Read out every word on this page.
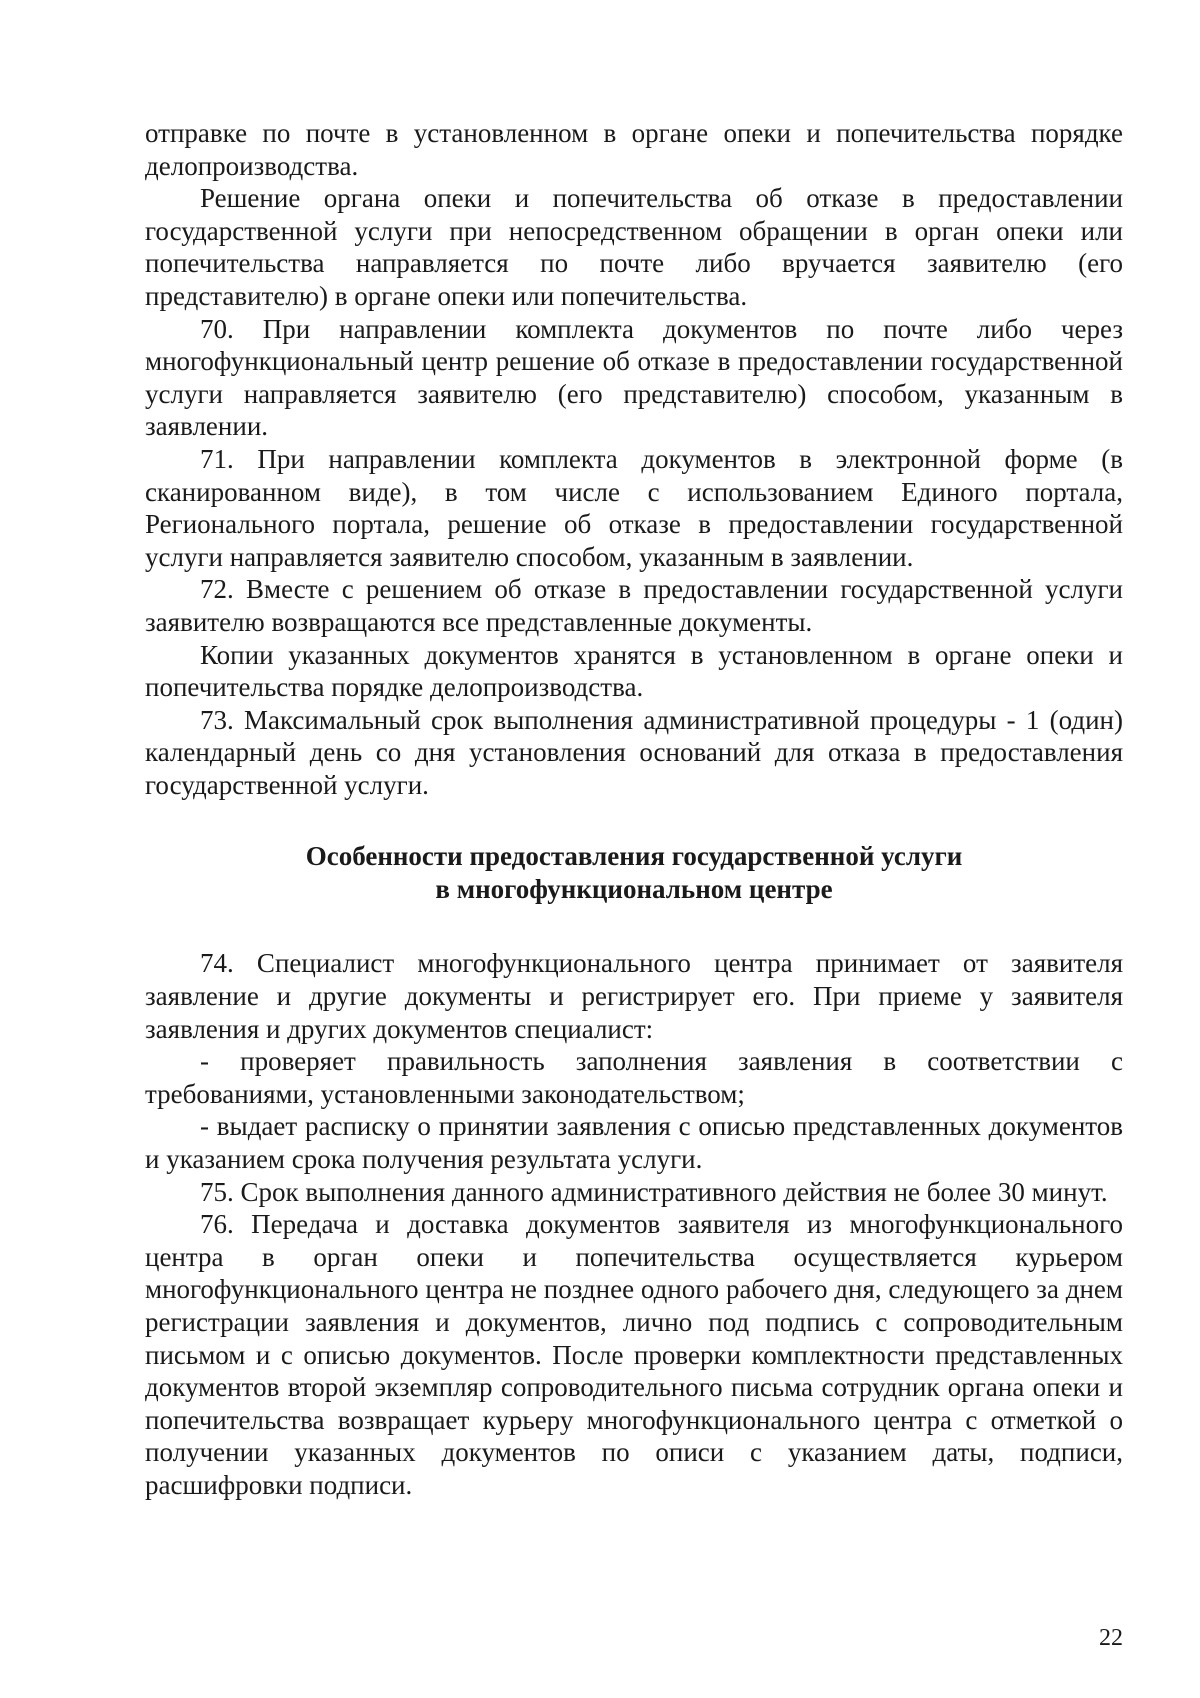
отправке по почте в установленном в органе опеки и попечительства порядке делопроизводства.

Решение органа опеки и попечительства об отказе в предоставлении государственной услуги при непосредственном обращении в орган опеки или попечительства направляется по почте либо вручается заявителю (его представителю) в органе опеки или попечительства.

70. При направлении комплекта документов по почте либо через многофункциональный центр решение об отказе в предоставлении государственной услуги направляется заявителю (его представителю) способом, указанным в заявлении.

71. При направлении комплекта документов в электронной форме (в сканированном виде), в том числе с использованием Единого портала, Регионального портала, решение об отказе в предоставлении государственной услуги направляется заявителю способом, указанным в заявлении.

72. Вместе с решением об отказе в предоставлении государственной услуги заявителю возвращаются все представленные документы.

Копии указанных документов хранятся в установленном в органе опеки и попечительства порядке делопроизводства.

73. Максимальный срок выполнения административной процедуры - 1 (один) календарный день со дня установления оснований для отказа в предоставления государственной услуги.

Особенности предоставления государственной услуги
в многофункциональном центре

74. Специалист многофункционального центра принимает от заявителя заявление и другие документы и регистрирует его. При приеме у заявителя заявления и других документов специалист:

- проверяет правильность заполнения заявления в соответствии с требованиями, установленными законодательством;

- выдает расписку о принятии заявления с описью представленных документов и указанием срока получения результата услуги.

75. Срок выполнения данного административного действия не более 30 минут.

76. Передача и доставка документов заявителя из многофункционального центра в орган опеки и попечительства осуществляется курьером многофункционального центра не позднее одного рабочего дня, следующего за днем регистрации заявления и документов, лично под подпись с сопроводительным письмом и с описью документов. После проверки комплектности представленных документов второй экземпляр сопроводительного письма сотрудник органа опеки и попечительства возвращает курьеру многофункционального центра с отметкой о получении указанных документов по описи с указанием даты, подписи, расшифровки подписи.

22
